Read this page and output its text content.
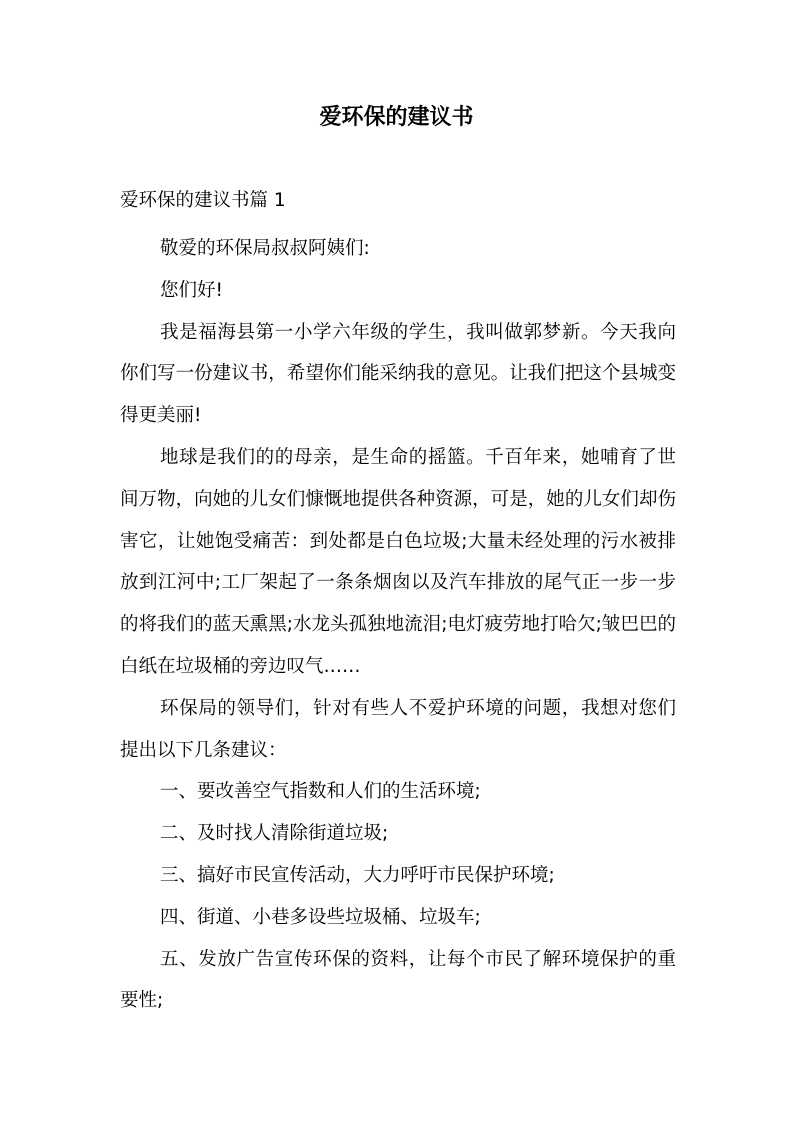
爱环保的建议书
爱环保的建议书篇 1

敬爱的环保局叔叔阿姨们:

您们好!

我是福海县第一小学六年级的学生，我叫做郭梦新。今天我向你们写一份建议书，希望你们能采纳我的意见。让我们把这个县城变得更美丽!

地球是我们的的母亲，是生命的摇篮。千百年来，她哺育了世间万物，向她的儿女们慷慨地提供各种资源，可是，她的儿女们却伤害它，让她饱受痛苦：到处都是白色垃圾;大量未经处理的污水被排放到江河中;工厂架起了一条条烟囱以及汽车排放的尾气正一步一步的将我们的蓝天熏黑;水龙头孤独地流泪;电灯疲劳地打哈欠;皱巴巴的白纸在垃圾桶的旁边叹气……

环保局的领导们，针对有些人不爱护环境的问题，我想对您们提出以下几条建议：

一、要改善空气指数和人们的生活环境;

二、及时找人清除街道垃圾;

三、搞好市民宣传活动，大力呼吁市民保护环境;

四、街道、小巷多设些垃圾桶、垃圾车;

五、发放广告宣传环保的资料，让每个市民了解环境保护的重要性;
